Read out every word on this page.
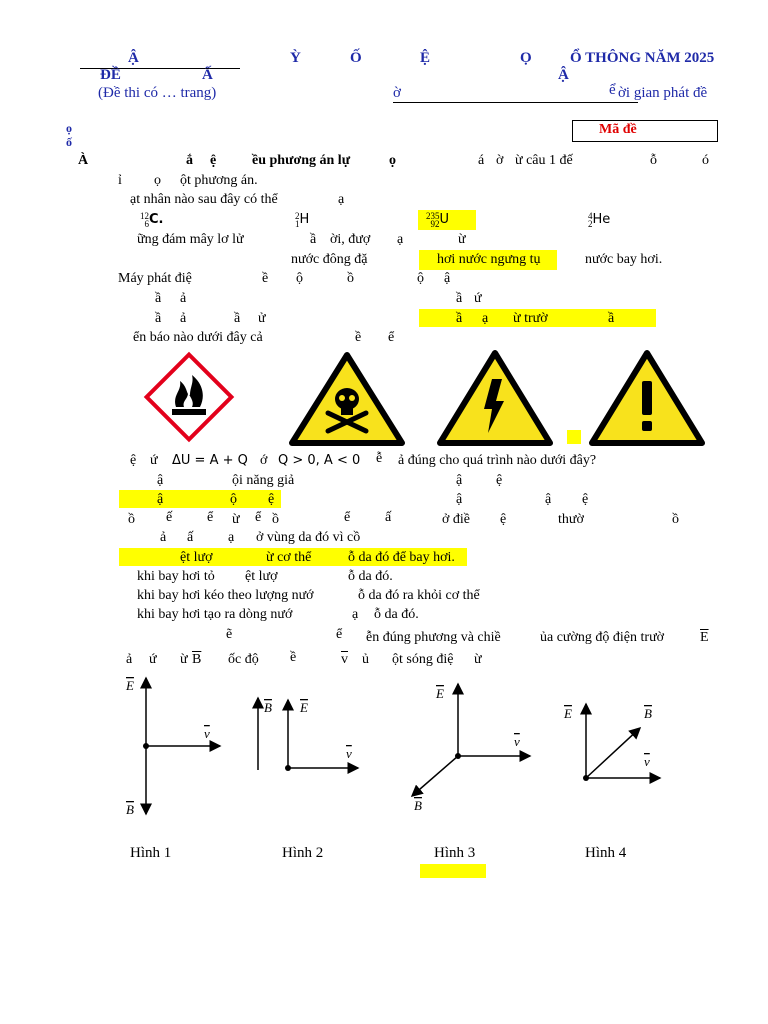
Ậ
ĐỀ	Ấ
(Đề thi có … trang)
Ỳ	Ố	Ệ	Ọ	Ổ THÔNG NĂM 2025
Ậ
ờ	ể ời gian phát đề
Mã đề
ọ
ố
À	ắ ệ	ều phương án lự	ọ	á ờ ừ câu 1 đế	ỗ	ó
ỉ ọ ột phương án.
ạt nhân nào sau đây có thể	ạ
12
6C.	2
1H	235
92U	4
2He
ững đám mây lơ lử	ầ ời, đượ ạ	ừ
nước đông đặ	hơi nước ngưng tụ	nước bay hơi.
Máy phát điệ	ề ộ	ồ	ộ ậ
ầ ả	ầ ứ
ầ ả	ầ ử	ầ ạ ừ trườ	ầ
ển báo nào dưới đây cả	ề ể
ệ ứ ΔU = A + Q ớ Q > 0, A < 0 ễ ả đúng cho quá trình nào dưới đây?
ậ	ội năng giả	ậ ệ
ậ	ộ ệ	ậ	ậ ệ
ồ ế ể ừ ể ồ	ể ấ	ở điề ệ	thườ	ồ
ả ấ ạ ở vùng da đó vì cồ
ệt lượ	ừ cơ thể	ỗ da đó để bay hơi.
khi bay hơi tỏ ệt lượ	ỗ da đó.
khi bay hơi kéo theo lượng nướ	ỗ da đó ra khỏi cơ thể
khi bay hơi tạo ra dòng nướ	ạ ỗ da đó.
ẽ	ể ễn đúng phương và chiề	ủa cường độ điện trườ	$\overline{E}$
ả ứ ừ $\overline{B}$ ốc độ ề	$\overline{v}$ ủ ột sóng điệ ừ
E
B
v
B E
v
E
v
B
E	B
v
Hình 1	Hình 2	Hình 3	Hình 4
